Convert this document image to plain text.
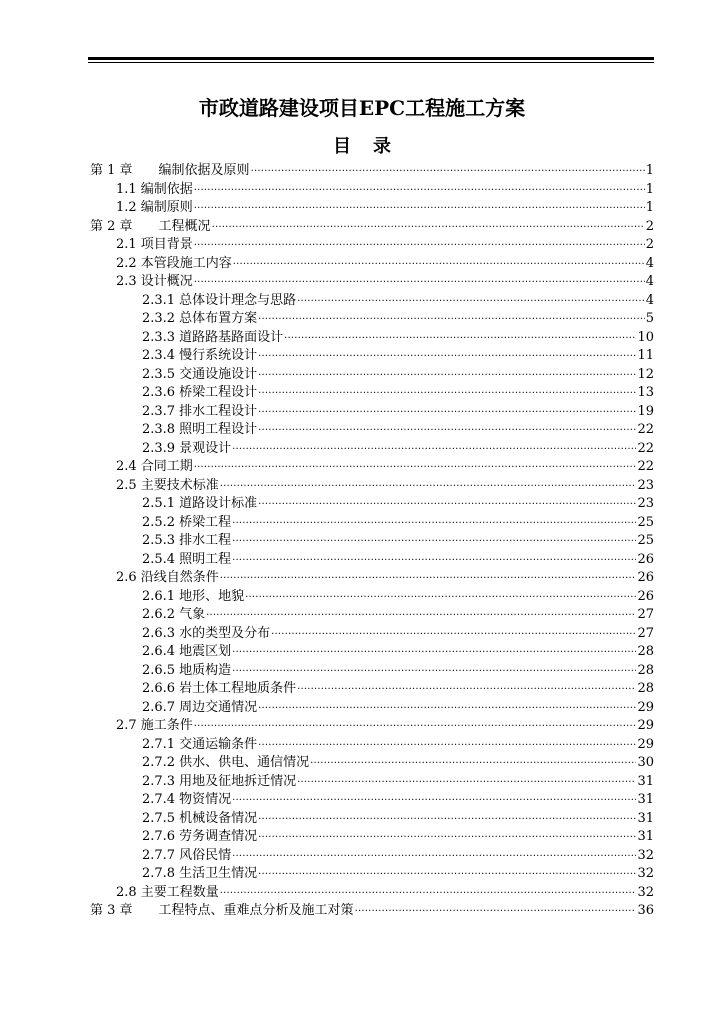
市政道路建设项目EPC工程施工方案
目 录
第 1 章 编制依据及原则 .....	1
1.1 编制依据 .....	1
1.2 编制原则 .....	1
第 2 章 工程概况 .....	2
2.1 项目背景 .....	2
2.2 本管段施工内容 .....	4
2.3 设计概况 .....	4
2.3.1 总体设计理念与思路 .....	4
2.3.2 总体布置方案 .....	5
2.3.3 道路路基路面设计 .....	10
2.3.4 慢行系统设计 .....	11
2.3.5 交通设施设计 .....	12
2.3.6 桥梁工程设计 .....	13
2.3.7 排水工程设计 .....	19
2.3.8 照明工程设计 .....	22
2.3.9 景观设计 .....	22
2.4 合同工期 .....	22
2.5 主要技术标准 .....	23
2.5.1 道路设计标准 .....	23
2.5.2 桥梁工程 .....	25
2.5.3 排水工程 .....	25
2.5.4 照明工程 .....	26
2.6 沿线自然条件 .....	26
2.6.1 地形、地貌 .....	26
2.6.2 气象 .....	27
2.6.3 水的类型及分布 .....	27
2.6.4 地震区划 .....	28
2.6.5 地质构造 .....	28
2.6.6 岩土体工程地质条件 .....	28
2.6.7 周边交通情况 .....	29
2.7 施工条件 .....	29
2.7.1 交通运输条件 .....	29
2.7.2 供水、供电、通信情况 .....	30
2.7.3 用地及征地拆迁情况 .....	31
2.7.4 物资情况 .....	31
2.7.5 机械设备情况 .....	31
2.7.6 劳务调查情况 .....	31
2.7.7 风俗民情 .....	32
2.7.8 生活卫生情况 .....	32
2.8 主要工程数量 .....	32
第 3 章 工程特点、重难点分析及施工对策 .....	36
